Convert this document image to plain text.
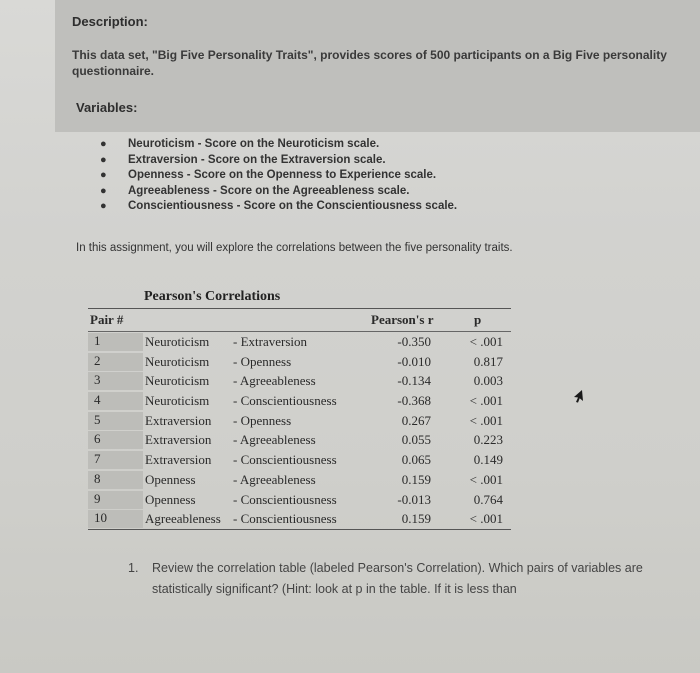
Description:
This data set, "Big Five Personality Traits", provides scores of 500 participants on a Big Five personality questionnaire.
Variables:
● Neuroticism - Score on the Neuroticism scale.
● Extraversion - Score on the Extraversion scale.
● Openness - Score on the Openness to Experience scale.
● Agreeableness - Score on the Agreeableness scale.
● Conscientiousness - Score on the Conscientiousness scale.
In this assignment, you will explore the correlations between the five personality traits.
Pearson's Correlations
Pair #	Pearson's r	p
1	Neuroticism - Extraversion	-0.350	< .001
2	Neuroticism - Openness	-0.010	0.817
3	Neuroticism - Agreeableness	-0.134	0.003
4	Neuroticism - Conscientiousness	-0.368	< .001
5	Extraversion - Openness	0.267	< .001
6	Extraversion - Agreeableness	0.055	0.223
7	Extraversion - Conscientiousness	0.065	0.149
8	Openness	- Agreeableness	0.159	< .001
9	Openness	- Conscientiousness	-0.013	0.764
10	Agreeableness - Conscientiousness	0.159	< .001
1. Review the correlation table (labeled Pearson's Correlation). Which pairs of variables are statistically significant? (Hint: look at p in the table. If it is less than
